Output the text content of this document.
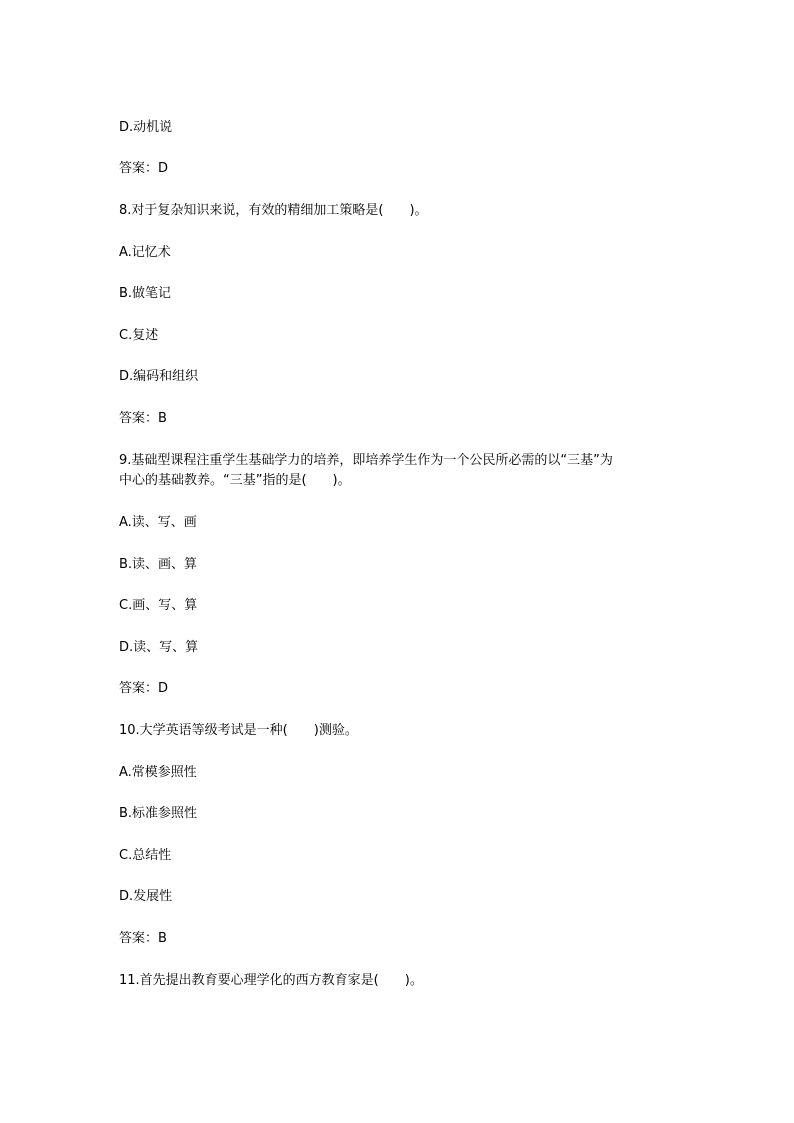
D.动机说
答案：D
8.对于复杂知识来说，有效的精细加工策略是(　　)。
A.记忆术
B.做笔记
C.复述
D.编码和组织
答案：B
9.基础型课程注重学生基础学力的培养，即培养学生作为一个公民所必需的以“三基”为
中心的基础教养。“三基”指的是(　　)。
A.读、写、画
B.读、画、算
C.画、写、算
D.读、写、算
答案：D
10.大学英语等级考试是一种(　　)测验。
A.常模参照性
B.标准参照性
C.总结性
D.发展性
答案：B
11.首先提出教育要心理学化的西方教育家是(　　)。
